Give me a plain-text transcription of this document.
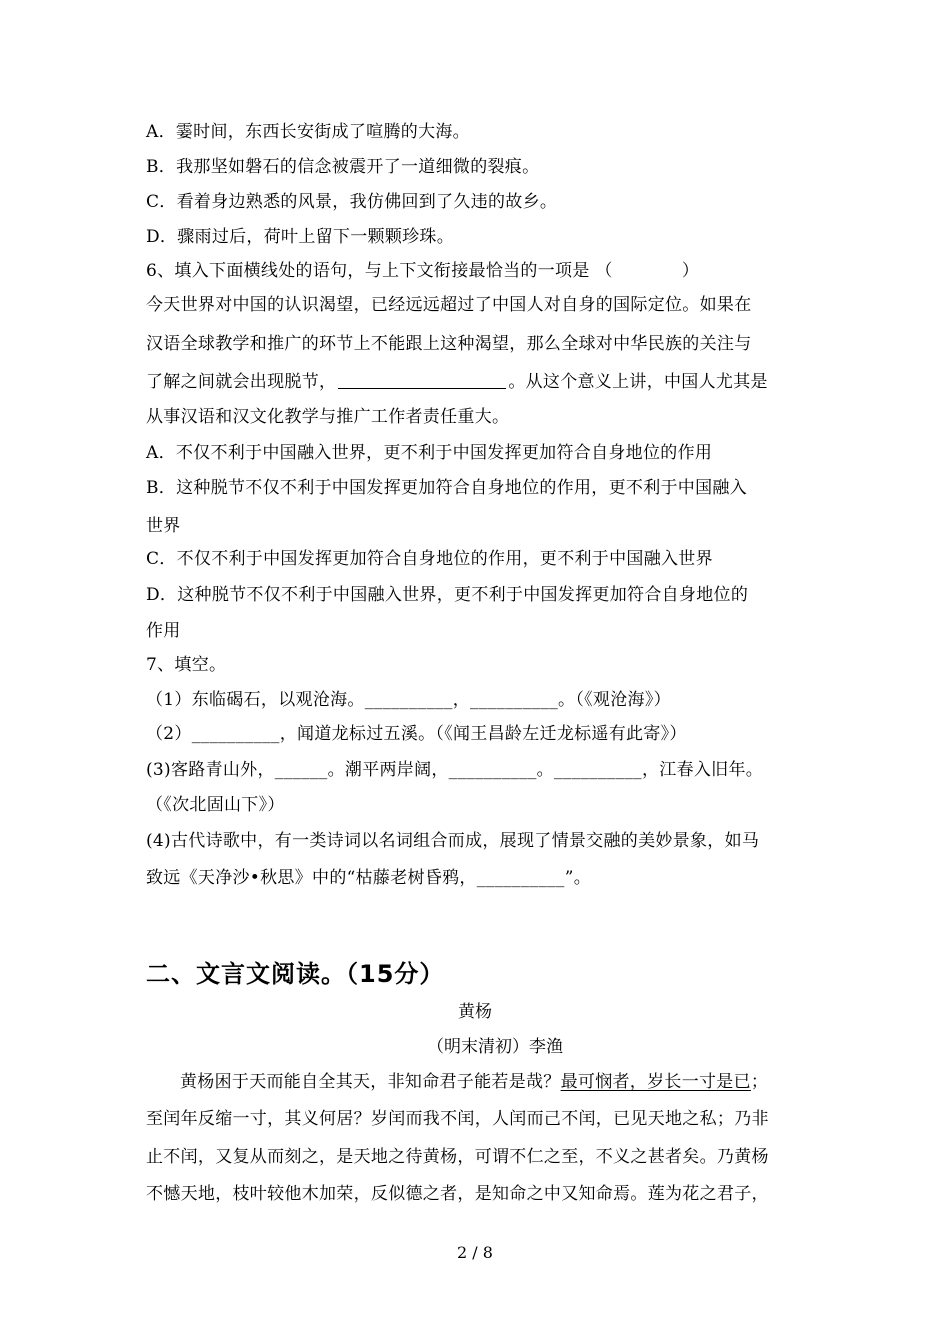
A．霎时间，东西长安街成了喧腾的大海。
B．我那坚如磐石的信念被震开了一道细微的裂痕。
C．看着身边熟悉的风景，我仿佛回到了久违的故乡。
D．骤雨过后，荷叶上留下一颗颗珍珠。
6、填入下面横线处的语句，与上下文衔接最恰当的一项是 （　　　　）
今天世界对中国的认识渴望，已经远远超过了中国人对自身的国际定位。如果在
汉语全球教学和推广的环节上不能跟上这种渴望，那么全球对中华民族的关注与
了解之间就会出现脱节，	。从这个意义上讲，中国人尤其是
从事汉语和汉文化教学与推广工作者责任重大。
A．不仅不利于中国融入世界，更不利于中国发挥更加符合自身地位的作用
B．这种脱节不仅不利于中国发挥更加符合自身地位的作用，更不利于中国融入
世界
C．不仅不利于中国发挥更加符合自身地位的作用，更不利于中国融入世界
D．这种脱节不仅不利于中国融入世界，更不利于中国发挥更加符合自身地位的
作用
7、填空。
（1）东临碣石，以观沧海。__________，__________。（《观沧海》）
（2）__________，闻道龙标过五溪。（《闻王昌龄左迁龙标遥有此寄》）
(3)客路青山外，______。潮平两岸阔，__________。__________，江春入旧年。
（《次北固山下》）
(4)古代诗歌中，有一类诗词以名词组合而成，展现了情景交融的美妙景象，如马
致远《天净沙•秋思》中的“枯藤老树昏鸦，__________”。
二、文言文阅读。（15分）
黄杨
（明末清初）李渔
黄杨困于天而能自全其天，非知命君子能若是哉？最可悯者，岁长一寸是已；
至闰年反缩一寸，其义何居？岁闰而我不闰，人闰而己不闰，已见天地之私；乃非
止不闰，又复从而刻之，是天地之待黄杨，可谓不仁之至，不义之甚者矣。乃黄杨
不憾天地，枝叶较他木加荣，反似德之者，是知命之中又知命焉。莲为花之君子，
2 / 8
